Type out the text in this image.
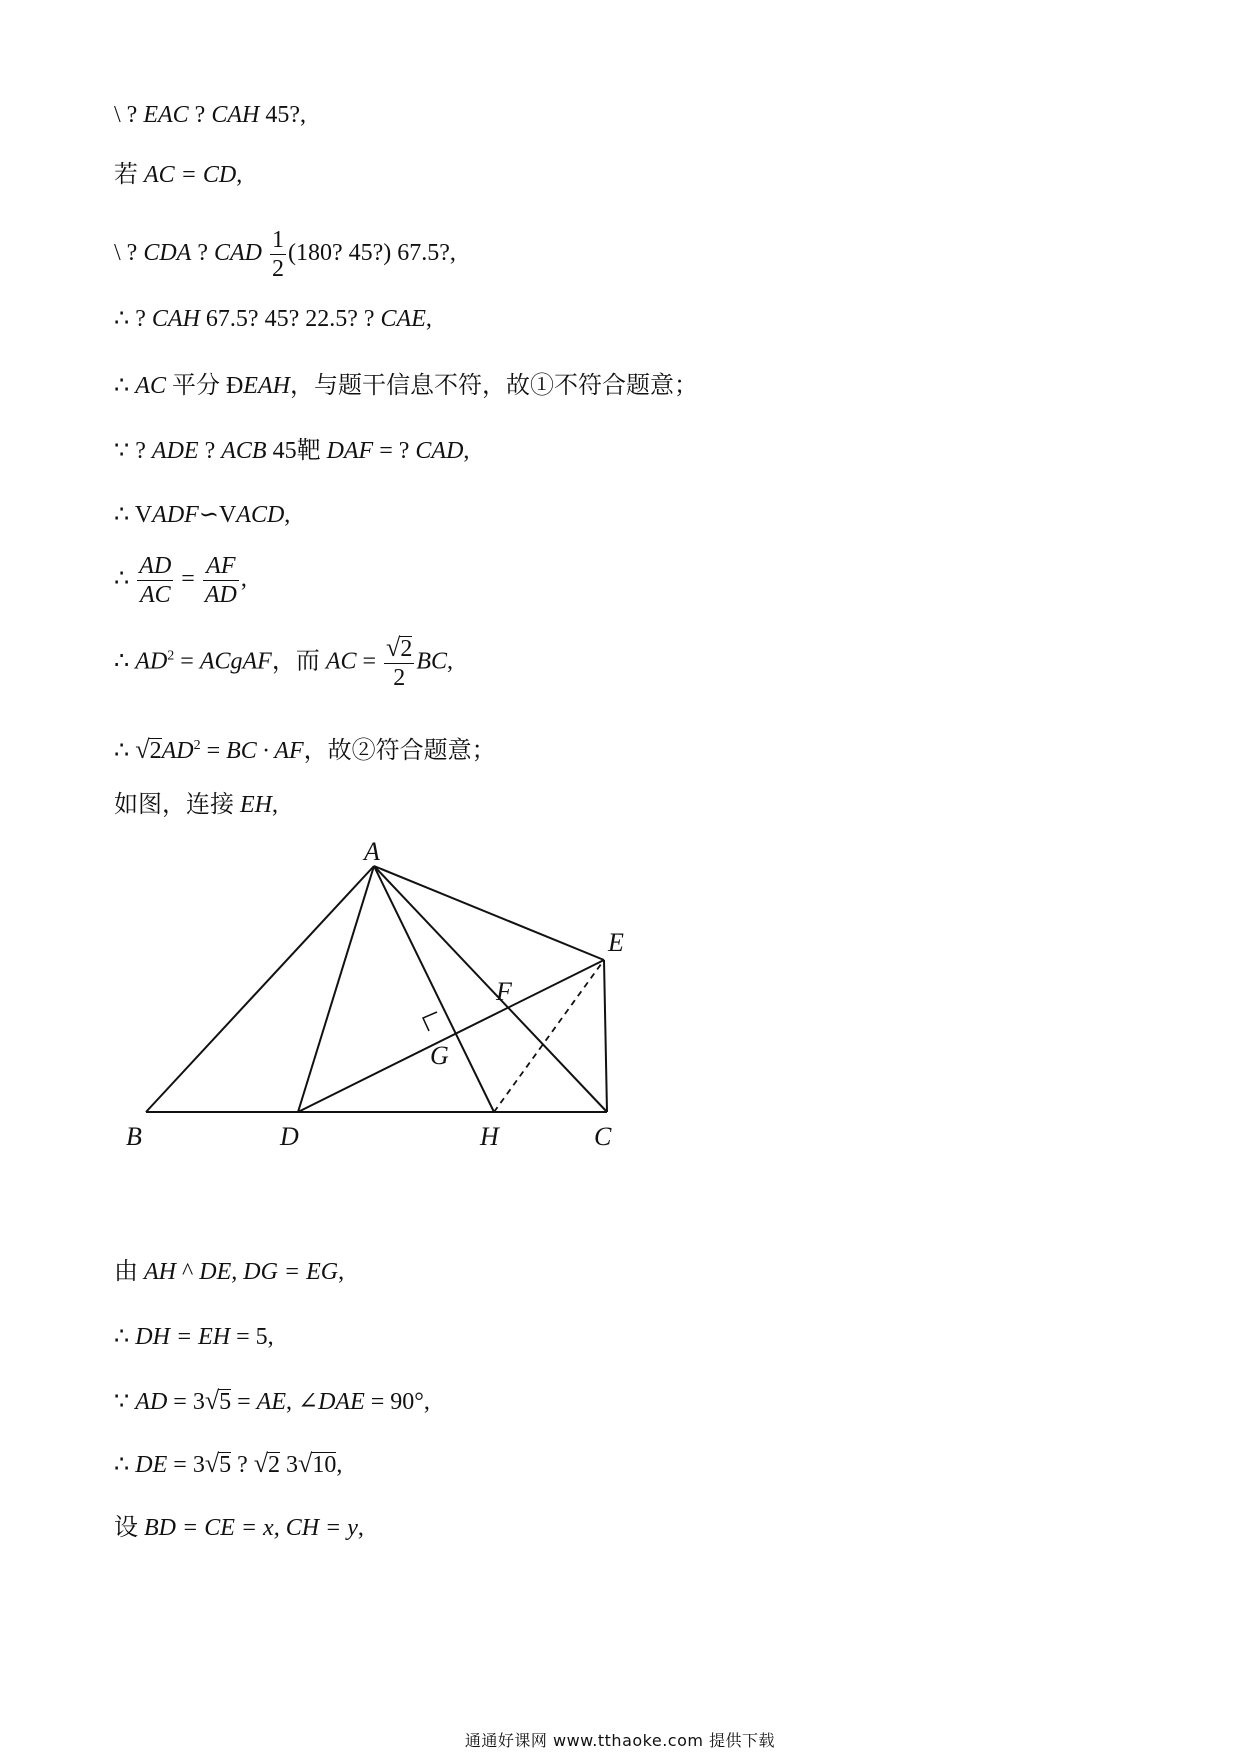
\ ? EAC ? CAH 45?,
若 AC = CD,
\ ? CDA ? CAD $\frac{1}{2} (180$? 45?) 67.5?,
∴ ? CAH 67.5? 45? 22.5? ? CAE,
∴ AC 平分 ÐEAH，与题干信息不符，故①不符合题意；
∵ ? ADE ? ACB 45靶 DAF = ? CAD,
∴ VADF∽VACD,
∴ $\frac{AD}{AC} = \frac{AF}{AD}$ ,
∴ $AD^2$ = ACgAF，而 AC = $\frac{√2}{2}$ BC,
∴ $√2AD^2$ = BC · AF，故②符合题意；
如图，连接 EH,
A
B	D	H	C
E
F
G
由 AH ^ DE, DG = EG,
∴ DH = EH = 5,
∵ AD = 3√5 = AE, ∠DAE = 90°,
∴ DE = 3√5 ? √2 3√10,
设 BD = CE = x, CH = y,
通通好课网 www.tthaoke.com 提供下载
